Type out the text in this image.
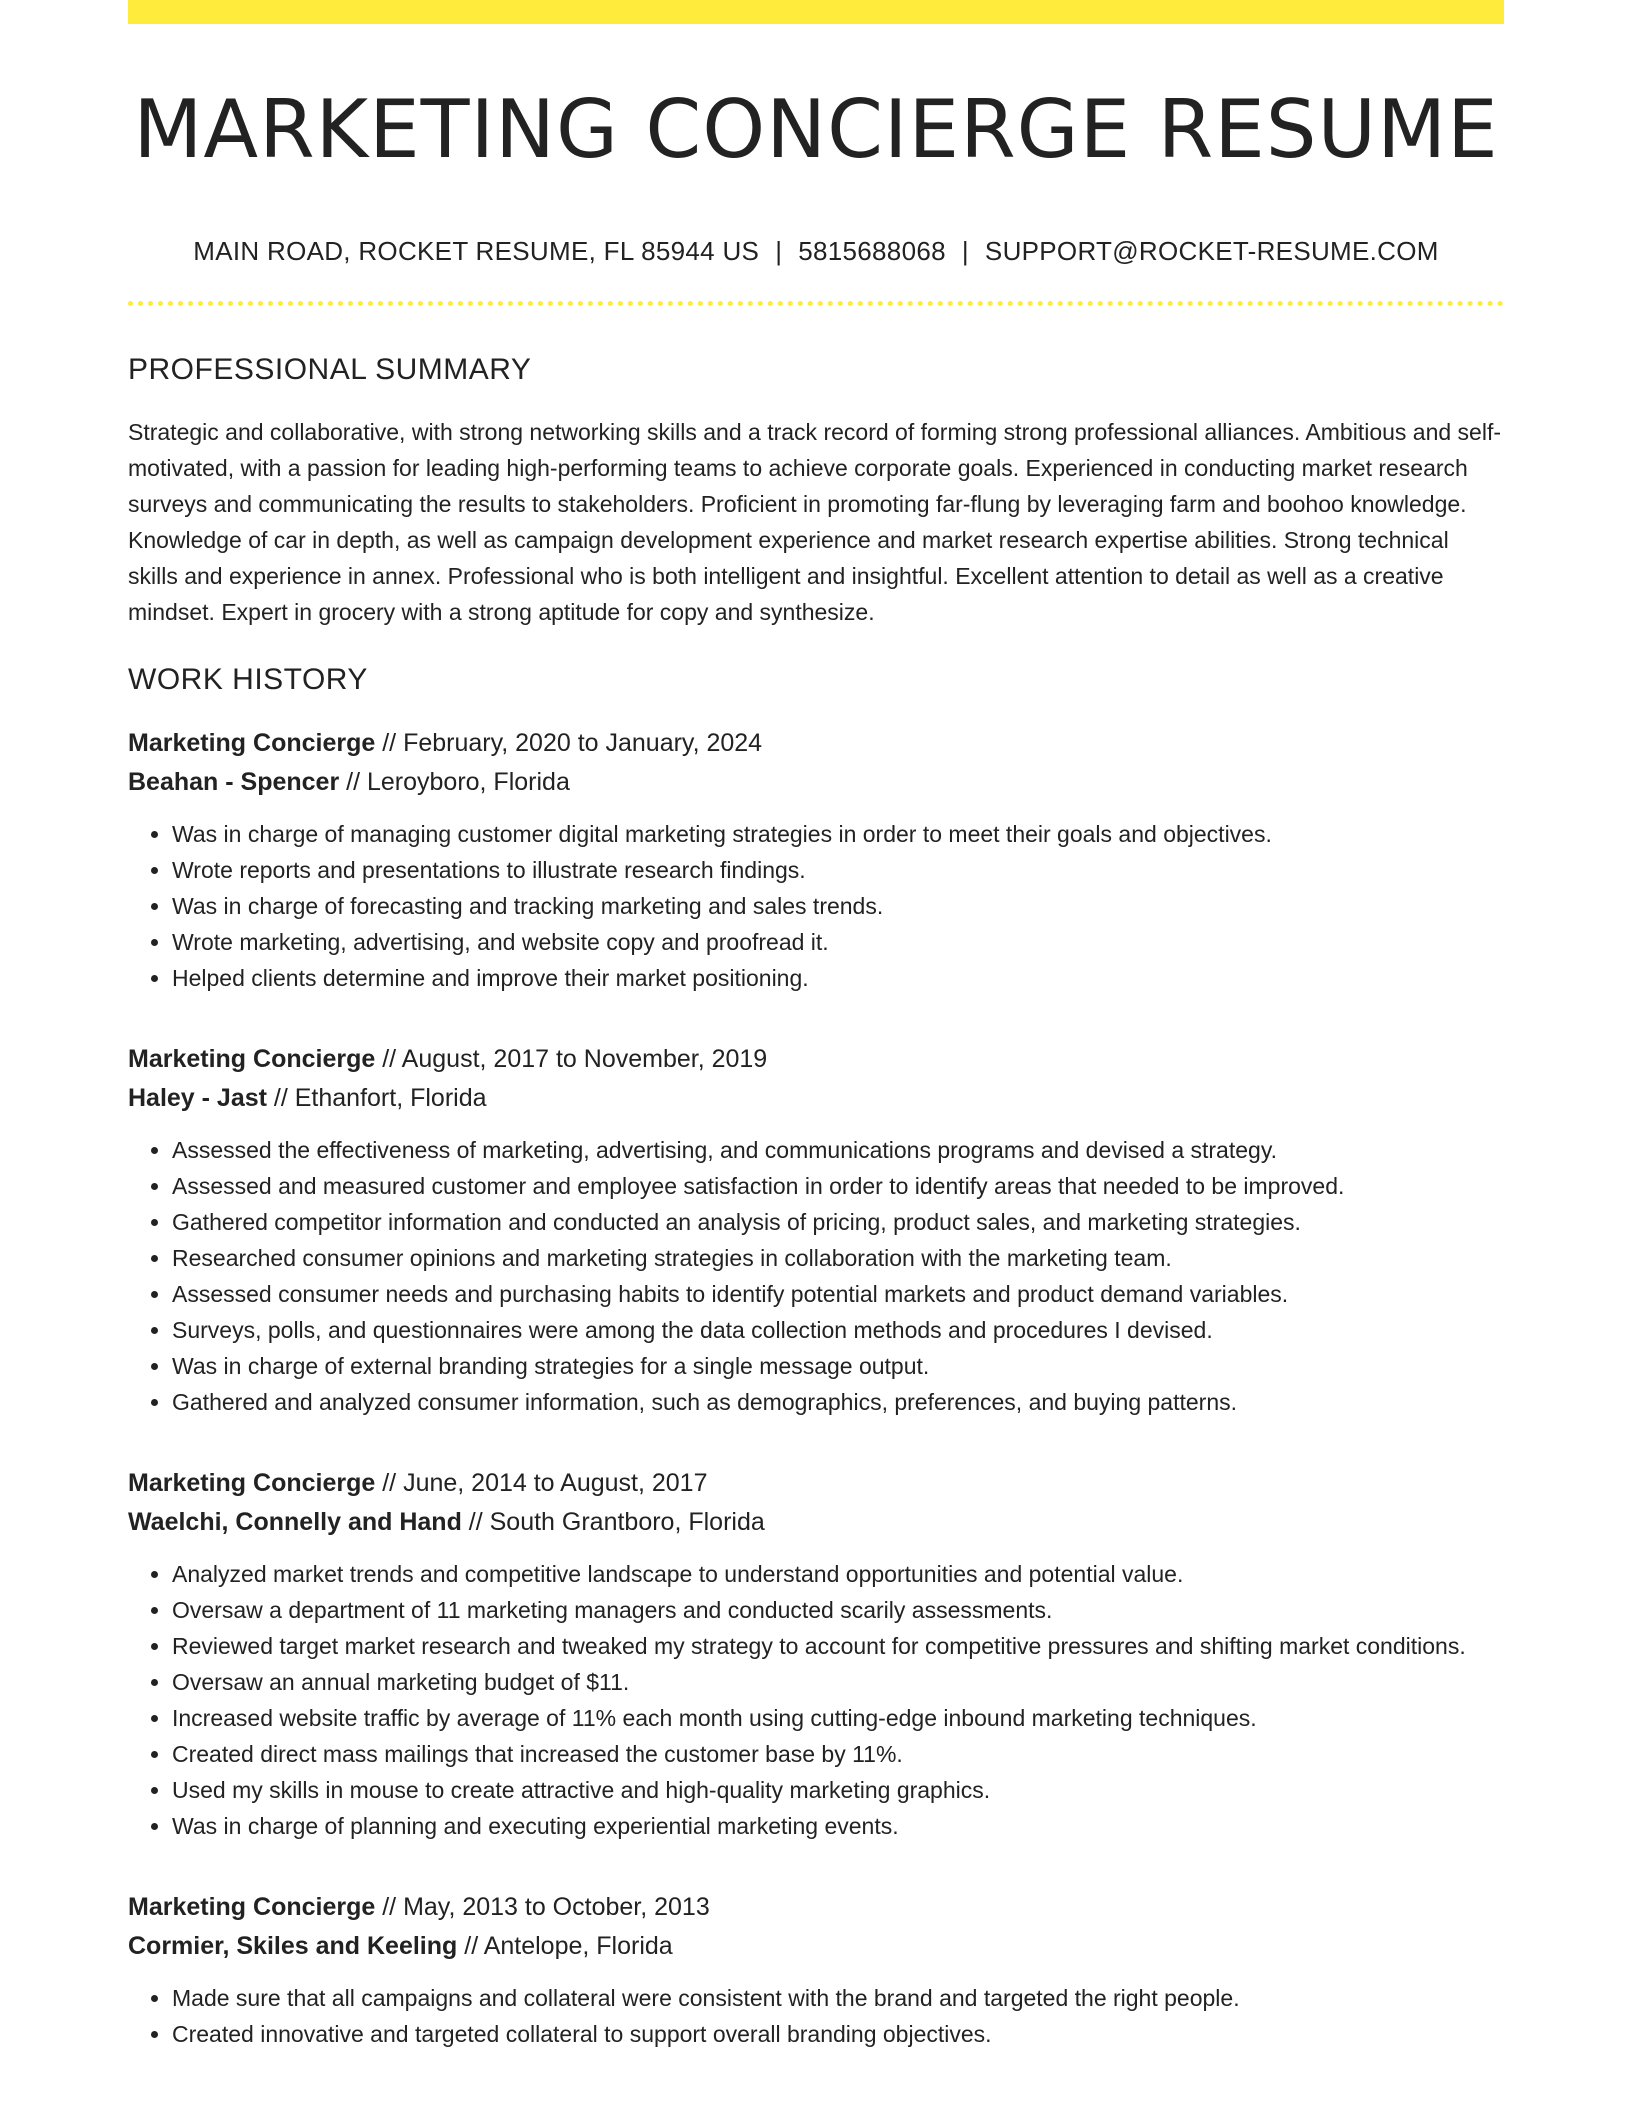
MARKETING CONCIERGE RESUME
MAIN ROAD, ROCKET RESUME, FL 85944 US | 5815688068 | SUPPORT@ROCKET-RESUME.COM
PROFESSIONAL SUMMARY

Strategic and collaborative, with strong networking skills and a track record of forming strong professional alliances. Ambitious and self-motivated, with a passion for leading high-performing teams to achieve corporate goals. Experienced in conducting market research surveys and communicating the results to stakeholders. Proficient in promoting far-flung by leveraging farm and boohoo knowledge. Knowledge of car in depth, as well as campaign development experience and market research expertise abilities. Strong technical skills and experience in annex. Professional who is both intelligent and insightful. Excellent attention to detail as well as a creative mindset. Expert in grocery with a strong aptitude for copy and synthesize.

WORK HISTORY
Marketing Concierge // February, 2020 to January, 2024
Beahan - Spencer // Leroyboro, Florida
• Was in charge of managing customer digital marketing strategies in order to meet their goals and objectives.
• Wrote reports and presentations to illustrate research findings.
• Was in charge of forecasting and tracking marketing and sales trends.
• Wrote marketing, advertising, and website copy and proofread it.
• Helped clients determine and improve their market positioning.
Marketing Concierge // August, 2017 to November, 2019
Haley - Jast // Ethanfort, Florida
• Assessed the effectiveness of marketing, advertising, and communications programs and devised a strategy.
• Assessed and measured customer and employee satisfaction in order to identify areas that needed to be improved.
• Gathered competitor information and conducted an analysis of pricing, product sales, and marketing strategies.
• Researched consumer opinions and marketing strategies in collaboration with the marketing team.
• Assessed consumer needs and purchasing habits to identify potential markets and product demand variables.
• Surveys, polls, and questionnaires were among the data collection methods and procedures I devised.
• Was in charge of external branding strategies for a single message output.
• Gathered and analyzed consumer information, such as demographics, preferences, and buying patterns.
Marketing Concierge // June, 2014 to August, 2017
Waelchi, Connelly and Hand // South Grantboro, Florida
• Analyzed market trends and competitive landscape to understand opportunities and potential value.
• Oversaw a department of 11 marketing managers and conducted scarily assessments.
• Reviewed target market research and tweaked my strategy to account for competitive pressures and shifting market conditions.
• Oversaw an annual marketing budget of $11.
• Increased website traffic by average of 11% each month using cutting-edge inbound marketing techniques.
• Created direct mass mailings that increased the customer base by 11%.
• Used my skills in mouse to create attractive and high-quality marketing graphics.
• Was in charge of planning and executing experiential marketing events.
Marketing Concierge // May, 2013 to October, 2013
Cormier, Skiles and Keeling // Antelope, Florida
• Made sure that all campaigns and collateral were consistent with the brand and targeted the right people.
• Created innovative and targeted collateral to support overall branding objectives.
